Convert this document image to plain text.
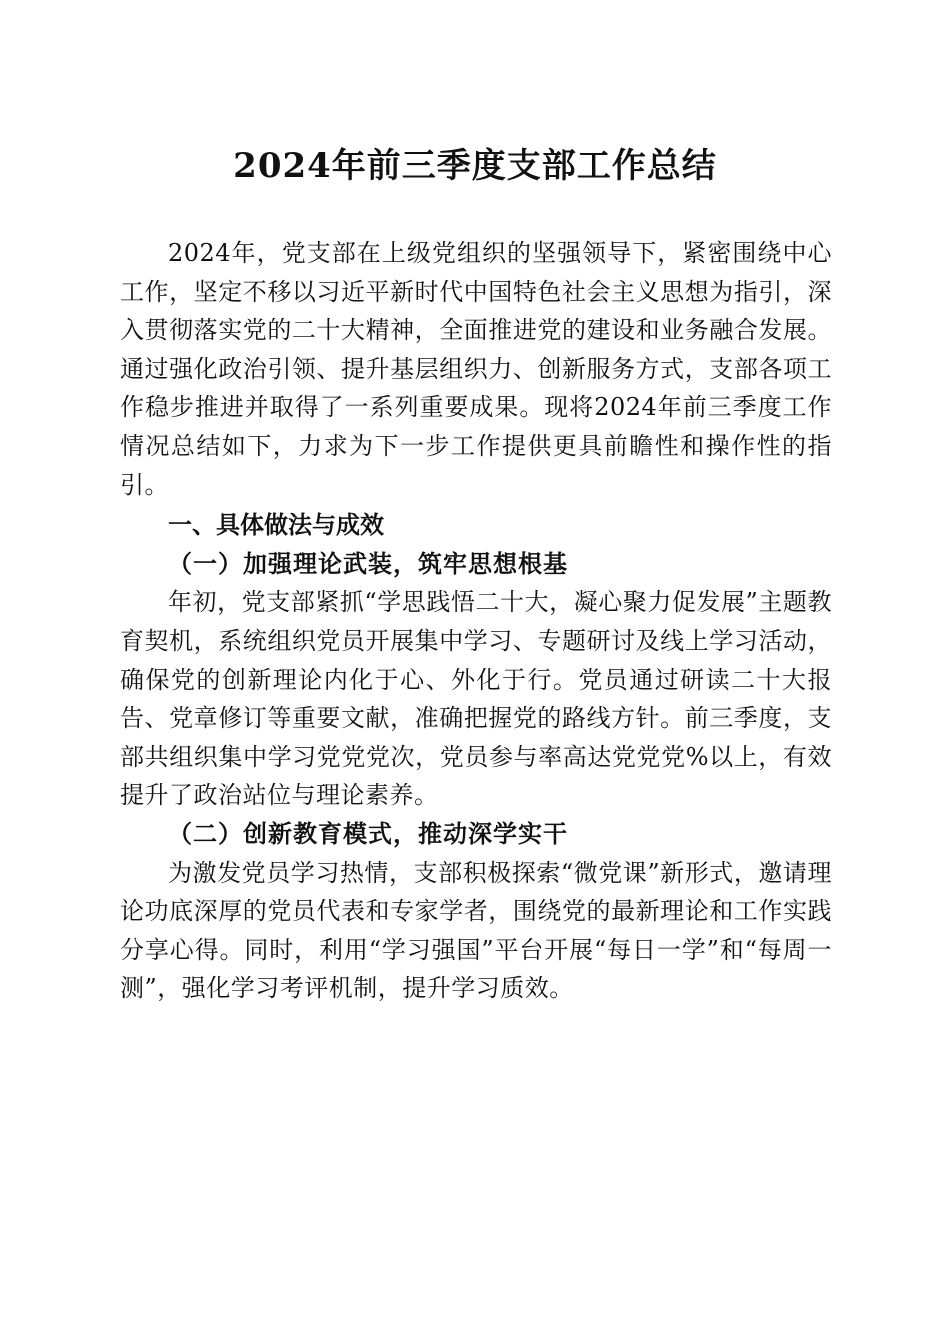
2024年前三季度支部工作总结

2024年，党支部在上级党组织的坚强领导下，紧密围绕中心工作，坚定不移以习近平新时代中国特色社会主义思想为指引，深入贯彻落实党的二十大精神，全面推进党的建设和业务融合发展。通过强化政治引领、提升基层组织力、创新服务方式，支部各项工作稳步推进并取得了一系列重要成果。现将2024年前三季度工作情况总结如下，力求为下一步工作提供更具前瞻性和操作性的指引。

一、具体做法与成效

（一）加强理论武装，筑牢思想根基

年初，党支部紧抓“学思践悟二十大，凝心聚力促发展”主题教育契机，系统组织党员开展集中学习、专题研讨及线上学习活动，确保党的创新理论内化于心、外化于行。党员通过研读二十大报告、党章修订等重要文献，准确把握党的路线方针。前三季度，支部共组织集中学习党党党次，党员参与率高达党党党%以上，有效提升了政治站位与理论素养。

（二）创新教育模式，推动深学实干

为激发党员学习热情，支部积极探索“微党课”新形式，邀请理论功底深厚的党员代表和专家学者，围绕党的最新理论和工作实践分享心得。同时，利用“学习强国”平台开展“每日一学”和“每周一测”，强化学习考评机制，提升学习质效。
